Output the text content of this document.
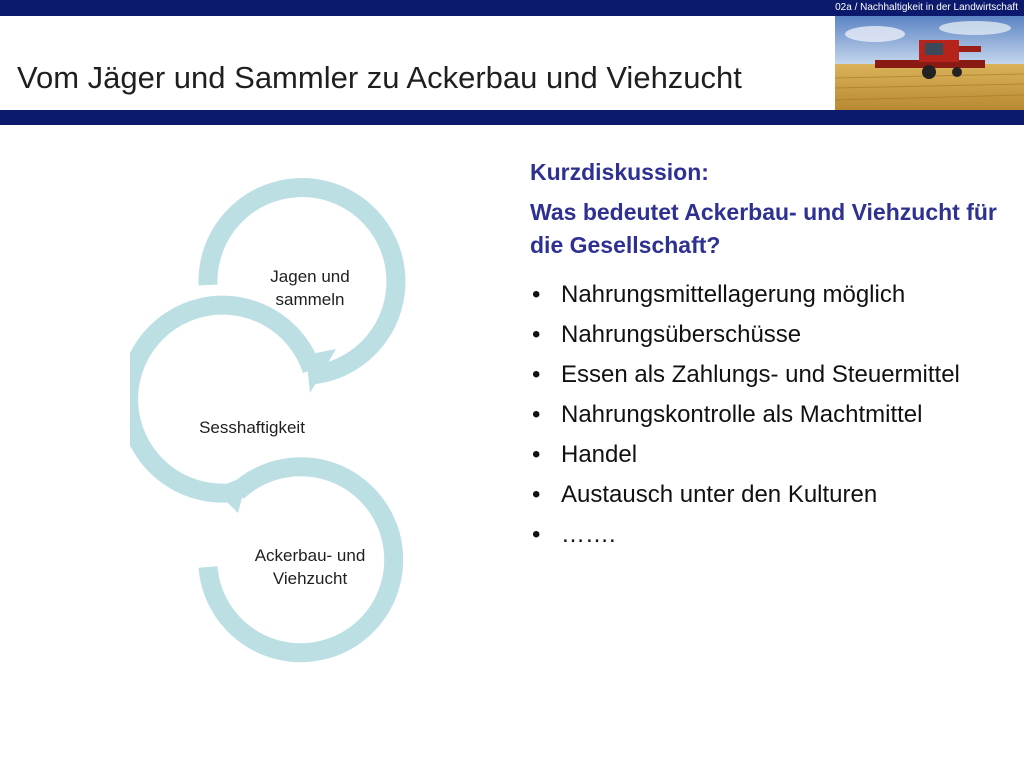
02a / Nachhaltigkeit in der Landwirtschaft
Vom Jäger und Sammler zu Ackerbau und Viehzucht
Jagen und sammeln
Sesshaftigkeit
Ackerbau- und Viehzucht

Kurzdiskussion:

Was bedeutet Ackerbau- und Viehzucht für die Gesellschaft?

• Nahrungsmittellagerung möglich
• Nahrungsüberschüsse
• Essen als Zahlungs- und Steuermittel
• Nahrungskontrolle als Machtmittel
• Handel
• Austausch unter den Kulturen
• …….
